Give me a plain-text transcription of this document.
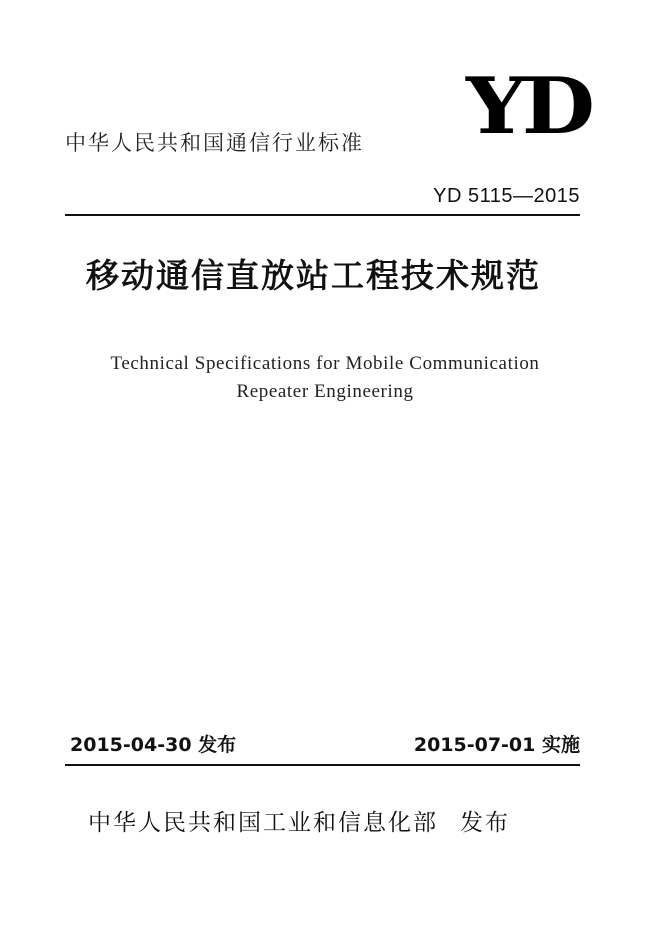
YD
中华人民共和国通信行业标准
YD 5115—2015
移动通信直放站工程技术规范
Technical Specifications for Mobile Communication
Repeater Engineering
2015-04-30 发布	2015-07-01 实施
中华人民共和国工业和信息化部 发布
